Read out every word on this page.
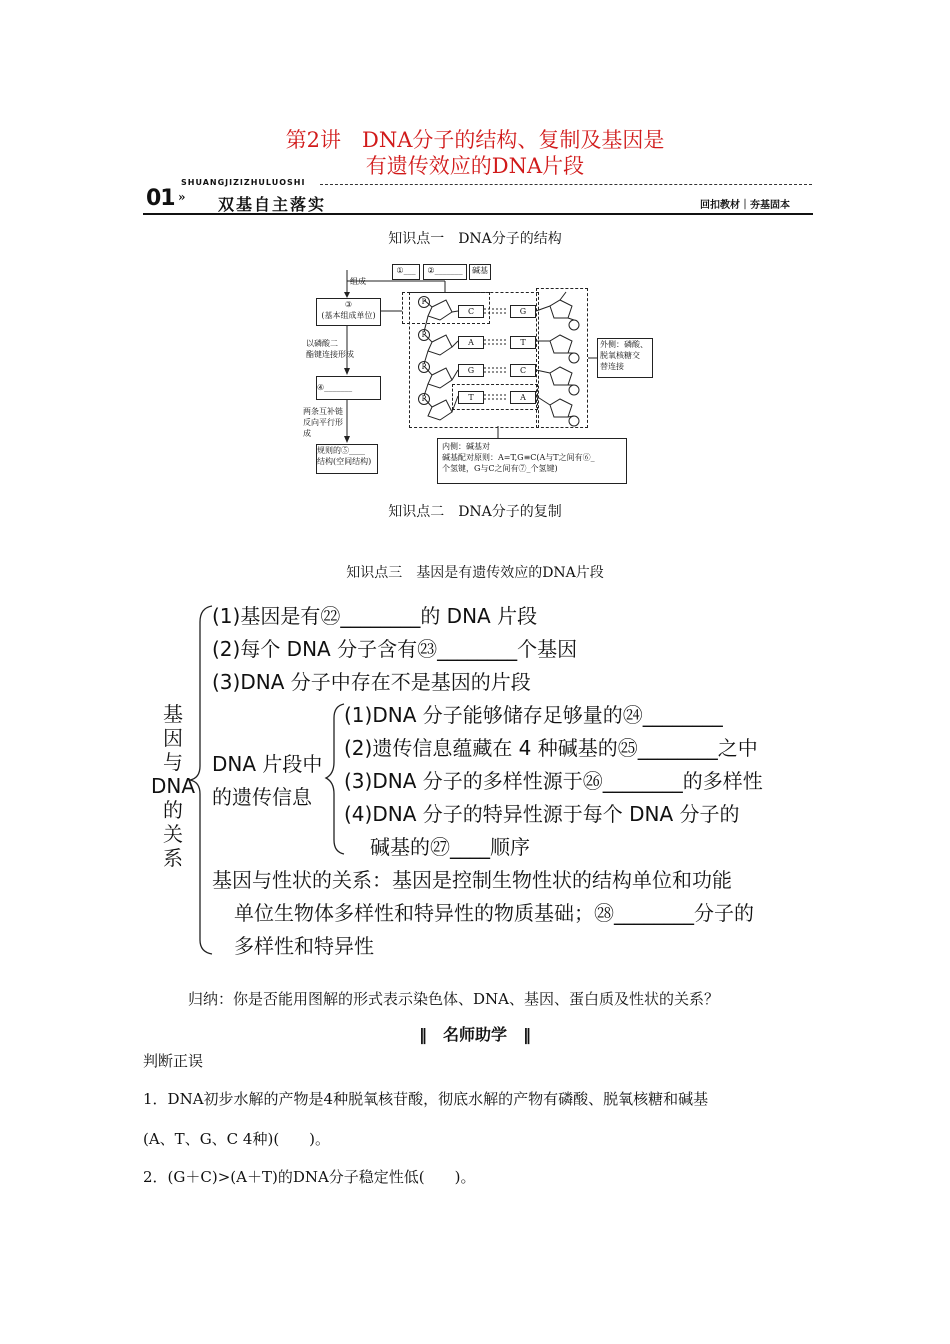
第2讲　DNA分子的结构、复制及基因是
有遗传效应的DNA片段
SHUANGJIZIZHULUOSHI
01 » 双基自主落实	回扣教材｜夯基固本
知识点一　DNA分子的结构
①___	②_______	碱基
组成
③
(基本组成单位)
以磷酸二
酯键连接形成
④_______
两条互补链
反向平行形
成
规则的⑤____
结构(空间结构)
P
P
P
P
C
A
G
T
G
T
C
A
外侧：磷酸、
脱氧核糖交
替连接
内侧：碱基对
碱基配对原则：A=T,G≡C(A与T之间有⑥_
个氢键，G与C之间有⑦_个氢键)
知识点二　DNA分子的复制
知识点三　基因是有遗传效应的DNA片段
基
因
与
DNA
的
关
系
(1)基因是有㉒________的 DNA 片段
(2)每个 DNA 分子含有㉓________个基因
(3)DNA 分子中存在不是基因的片段
DNA 片段中
的遗传信息
(1)DNA 分子能够储存足够量的㉔________
(2)遗传信息蕴藏在 4 种碱基的㉕________之中
(3)DNA 分子的多样性源于㉖________的多样性
(4)DNA 分子的特异性源于每个 DNA 分子的
碱基的㉗____顺序
基因与性状的关系：基因是控制生物性状的结构单位和功能
单位生物体多样性和特异性的物质基础；㉘________分子的
多样性和特异性
归纳：你是否能用图解的形式表示染色体、DNA、基因、蛋白质及性状的关系？
‖　名师助学　‖
判断正误
1．DNA初步水解的产物是4种脱氧核苷酸，彻底水解的产物有磷酸、脱氧核糖和碱基
(A、T、G、C 4种)(　　)。
2．(G＋C)>(A＋T)的DNA分子稳定性低(　　)。
